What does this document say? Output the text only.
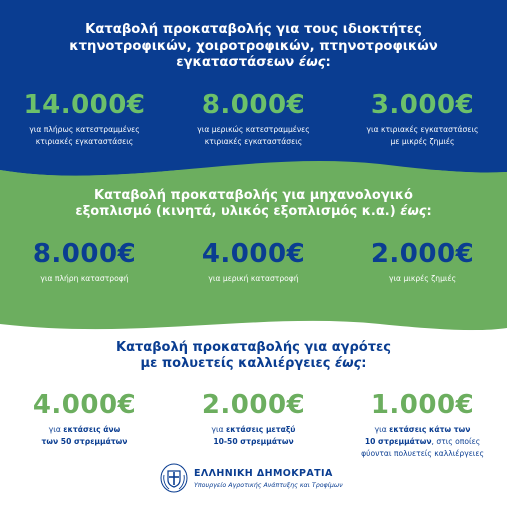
Καταβολή προκαταβολής για τους ιδιοκτήτες
κτηνοτροφικών, χοιροτροφικών, πτηνοτροφικών
εγκαταστάσεων έως:
14.000€
για πλήρως κατεστραμμένες
κτιριακές εγκαταστάσεις
8.000€
για μερικώς κατεστραμμένες
κτιριακές εγκαταστάσεις
3.000€
για κτιριακές εγκαταστάσεις
με μικρές ζημιές
Καταβολή προκαταβολής για μηχανολογικό
εξοπλισμό (κινητά, υλικός εξοπλισμός κ.α.) έως:
8.000€
για πλήρη καταστροφή
4.000€
για μερική καταστροφή
2.000€
για μικρές ζημιές
Καταβολή προκαταβολής για αγρότες
με πολυετείς καλλιέργειες έως:
4.000€
για εκτάσεις άνω
των 50 στρεμμάτων
2.000€
για εκτάσεις μεταξύ
10-50 στρεμμάτων
1.000€
για εκτάσεις κάτω των
10 στρεμμάτων, στις οποίες
φύονται πολυετείς καλλιέργειες
ΕΛΛΗΝΙΚΗ ΔΗΜΟΚΡΑΤΙΑ
Υπουργείο Αγροτικής Ανάπτυξης και Τροφίμων
